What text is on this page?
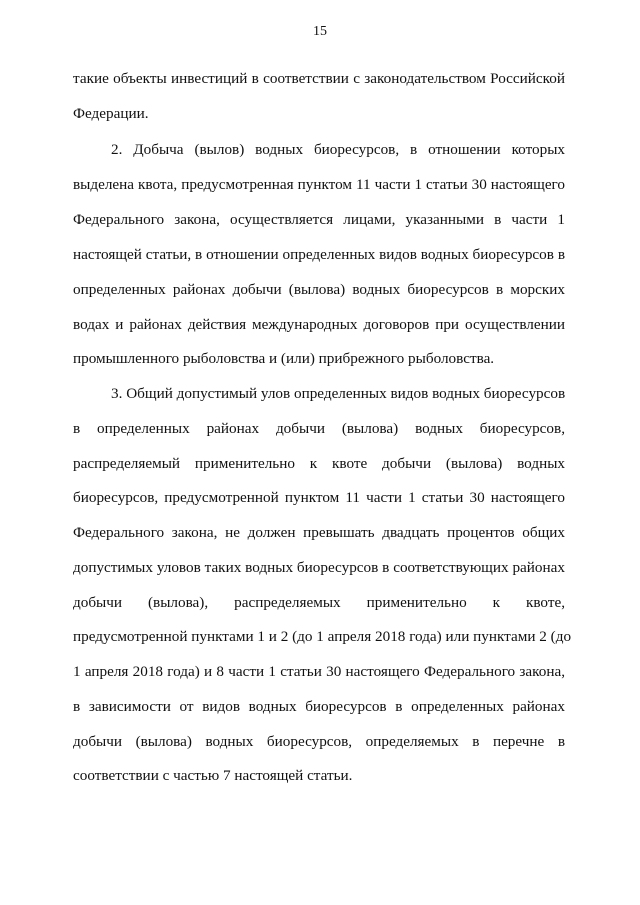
15
такие объекты инвестиций в соответствии с законодательством Российской
Федерации.
2. Добыча (вылов) водных биоресурсов, в отношении которых
выделена квота, предусмотренная пунктом 11 части 1 статьи 30 настоящего
Федерального закона, осуществляется лицами, указанными в части 1
настоящей статьи, в отношении определенных видов водных биоресурсов в
определенных районах добычи (вылова) водных биоресурсов в морских
водах и районах действия международных договоров при осуществлении
промышленного рыболовства и (или) прибрежного рыболовства.
3. Общий допустимый улов определенных видов водных биоресурсов
в определенных районах добычи (вылова) водных биоресурсов,
распределяемый применительно к квоте добычи (вылова) водных
биоресурсов, предусмотренной пунктом 11 части 1 статьи 30 настоящего
Федерального закона, не должен превышать двадцать процентов общих
допустимых уловов таких водных биоресурсов в соответствующих районах
добычи (вылова), распределяемых применительно к квоте,
предусмотренной пунктами 1 и 2 (до 1 апреля 2018 года) или пунктами 2 (до
1 апреля 2018 года) и 8 части 1 статьи 30 настоящего Федерального закона,
в зависимости от видов водных биоресурсов в определенных районах
добычи (вылова) водных биоресурсов, определяемых в перечне в
соответствии с частью 7 настоящей статьи.
